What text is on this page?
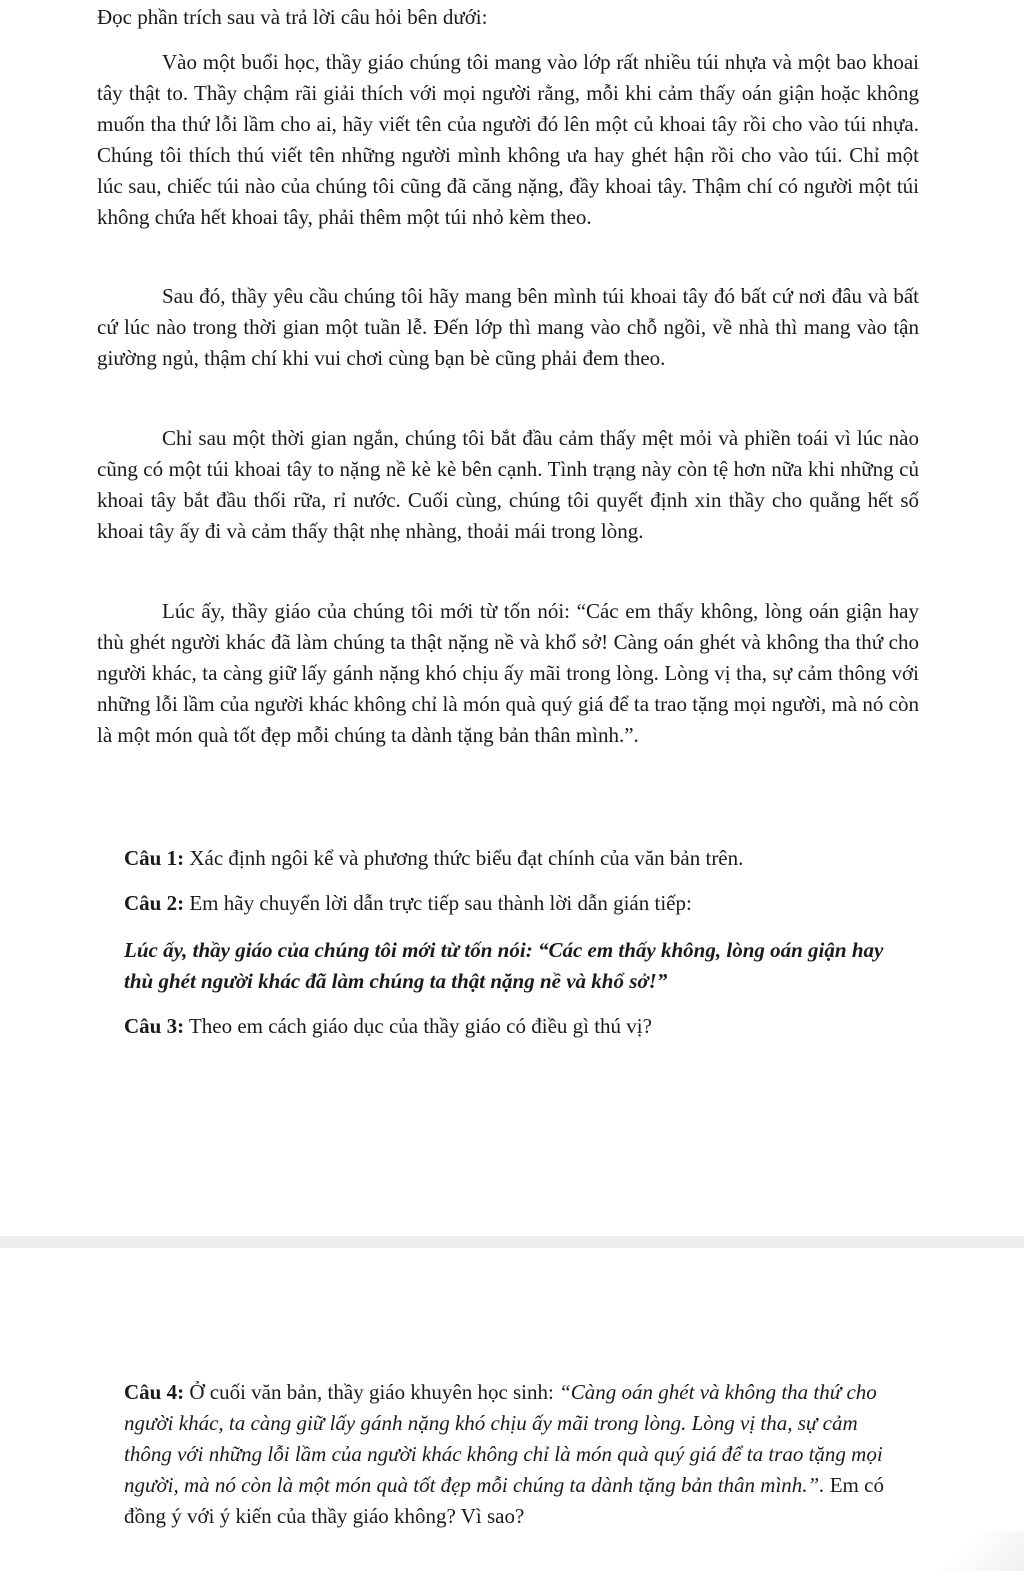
Đọc phần trích sau và trả lời câu hỏi bên dưới:

Vào một buổi học, thầy giáo chúng tôi mang vào lớp rất nhiều túi nhựa và một bao khoai tây thật to. Thầy chậm rãi giải thích với mọi người rằng, mỗi khi cảm thấy oán giận hoặc không muốn tha thứ lỗi lầm cho ai, hãy viết tên của người đó lên một củ khoai tây rồi cho vào túi nhựa. Chúng tôi thích thú viết tên những người mình không ưa hay ghét hận rồi cho vào túi. Chỉ một lúc sau, chiếc túi nào của chúng tôi cũng đã căng nặng, đầy khoai tây. Thậm chí có người một túi không chứa hết khoai tây, phải thêm một túi nhỏ kèm theo.

Sau đó, thầy yêu cầu chúng tôi hãy mang bên mình túi khoai tây đó bất cứ nơi đâu và bất cứ lúc nào trong thời gian một tuần lễ. Đến lớp thì mang vào chỗ ngồi, về nhà thì mang vào tận giường ngủ, thậm chí khi vui chơi cùng bạn bè cũng phải đem theo.

Chỉ sau một thời gian ngắn, chúng tôi bắt đầu cảm thấy mệt mỏi và phiền toái vì lúc nào cũng có một túi khoai tây to nặng nề kè kè bên cạnh. Tình trạng này còn tệ hơn nữa khi những củ khoai tây bắt đầu thối rữa, rỉ nước. Cuối cùng, chúng tôi quyết định xin thầy cho quẳng hết số khoai tây ấy đi và cảm thấy thật nhẹ nhàng, thoải mái trong lòng.

Lúc ấy, thầy giáo của chúng tôi mới từ tốn nói: “Các em thấy không, lòng oán giận hay thù ghét người khác đã làm chúng ta thật nặng nề và khổ sở! Càng oán ghét và không tha thứ cho người khác, ta càng giữ lấy gánh nặng khó chịu ấy mãi trong lòng. Lòng vị tha, sự cảm thông với những lỗi lầm của người khác không chỉ là món quà quý giá để ta trao tặng mọi người, mà nó còn là một món quà tốt đẹp mỗi chúng ta dành tặng bản thân mình.”.

Câu 1: Xác định ngôi kể và phương thức biểu đạt chính của văn bản trên.

Câu 2: Em hãy chuyển lời dẫn trực tiếp sau thành lời dẫn gián tiếp:

Lúc ấy, thầy giáo của chúng tôi mới từ tốn nói: “Các em thấy không, lòng oán giận hay thù ghét người khác đã làm chúng ta thật nặng nề và khổ sở!”

Câu 3: Theo em cách giáo dục của thầy giáo có điều gì thú vị?

Câu 4: Ở cuối văn bản, thầy giáo khuyên học sinh: “Càng oán ghét và không tha thứ cho người khác, ta càng giữ lấy gánh nặng khó chịu ấy mãi trong lòng. Lòng vị tha, sự cảm thông với những lỗi lầm của người khác không chỉ là món quà quý giá để ta trao tặng mọi người, mà nó còn là một món quà tốt đẹp mỗi chúng ta dành tặng bản thân mình.”. Em có đồng ý với ý kiến của thầy giáo không? Vì sao?
